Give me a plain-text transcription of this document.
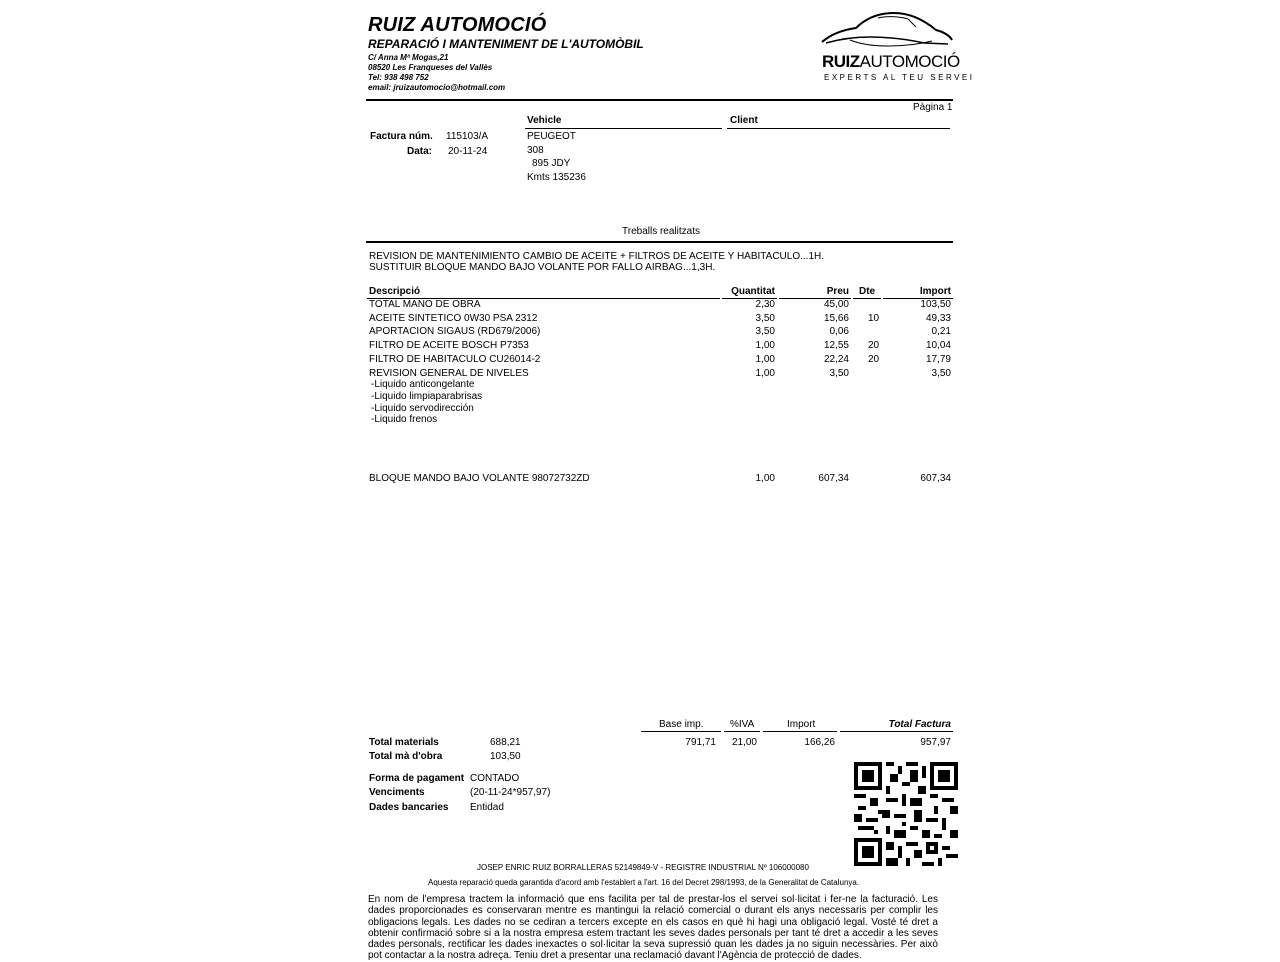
RUIZ AUTOMOCIÓ
REPARACIÓ I MANTENIMENT DE L'AUTOMÒBIL
C/ Anna Mª Mogas,21
08520 Les Franqueses del Vallès
Tel: 938 498 752
email: jruizautomocio@hotmail.com
RUIZAUTOMOCIÓ
EXPERTS AL TEU SERVEI
Pàgina 1
Factura núm. 115103/A
Data: 20-11-24
Vehicle
PEUGEOT
308
895 JDY
Kmts 135236
Client
Treballs realitzats
REVISION DE MANTENIMIENTO CAMBIO DE ACEITE + FILTROS DE ACEITE Y HABITACULO...1H.
SUSTITUIR BLOQUE MANDO BAJO VOLANTE POR FALLO AIRBAG...1,3H.
Descripció	Quantitat	Preu Dte	Import
TOTAL MANO DE OBRA	2,30	45,00	103,50
ACEITE SINTETICO 0W30 PSA 2312	3,50	15,66 10	49,33
APORTACION SIGAUS (RD679/2006)	3,50	0,06	0,21
FILTRO DE ACEITE BOSCH P7353	1,00	12,55 20	10,04
FILTRO DE HABITACULO CU26014-2	1,00	22,24 20	17,79
REVISION GENERAL DE NIVELES	1,00	3,50	3,50
-Liquido anticongelante
-Liquido limpiaparabrisas
-Liquido servodirección
-Liquido frenos
BLOQUE MANDO BAJO VOLANTE 98072732ZD	1,00	607,34	607,34
Base imp.	%IVA	Import	Total Factura
791,71	21,00	166,26	957,97
Total materials	688,21
Total mà d'obra	103,50
Forma de pagament CONTADO
Venciments	(20-11-24*957,97)
Dades bancaries Entidad
JOSEP ENRIC RUIZ BORRALLERAS 52149849-V - REGISTRE INDUSTRIAL Nº 106000080
Aquesta reparació queda garantida d'acord amb l'establert a l'art. 16 del Decret 298/1993, de la Generalitat de Catalunya.
En nom de l'empresa tractem la informació que ens facilita per tal de prestar-los el servei sol·licitat i fer-ne la facturació. Les dades proporcionades es conservaran mentre es mantingui la relació comercial o durant els anys necessaris per complir les obligacions legals. Les dades no se cediran a tercers excepte en els casos en què hi hagi una obligació legal. Vosté té dret a obtenir confirmació sobre si a la nostra empresa estem tractant les seves dades personals per tant té dret a accedir a les seves dades personals, rectificar les dades inexactes o sol·licitar la seva supressió quan les dades ja no siguin necessàries. Per això pot contactar a la nostra adreça. Teniu dret a presentar una reclamació davant l'Agència de protecció de dades.
